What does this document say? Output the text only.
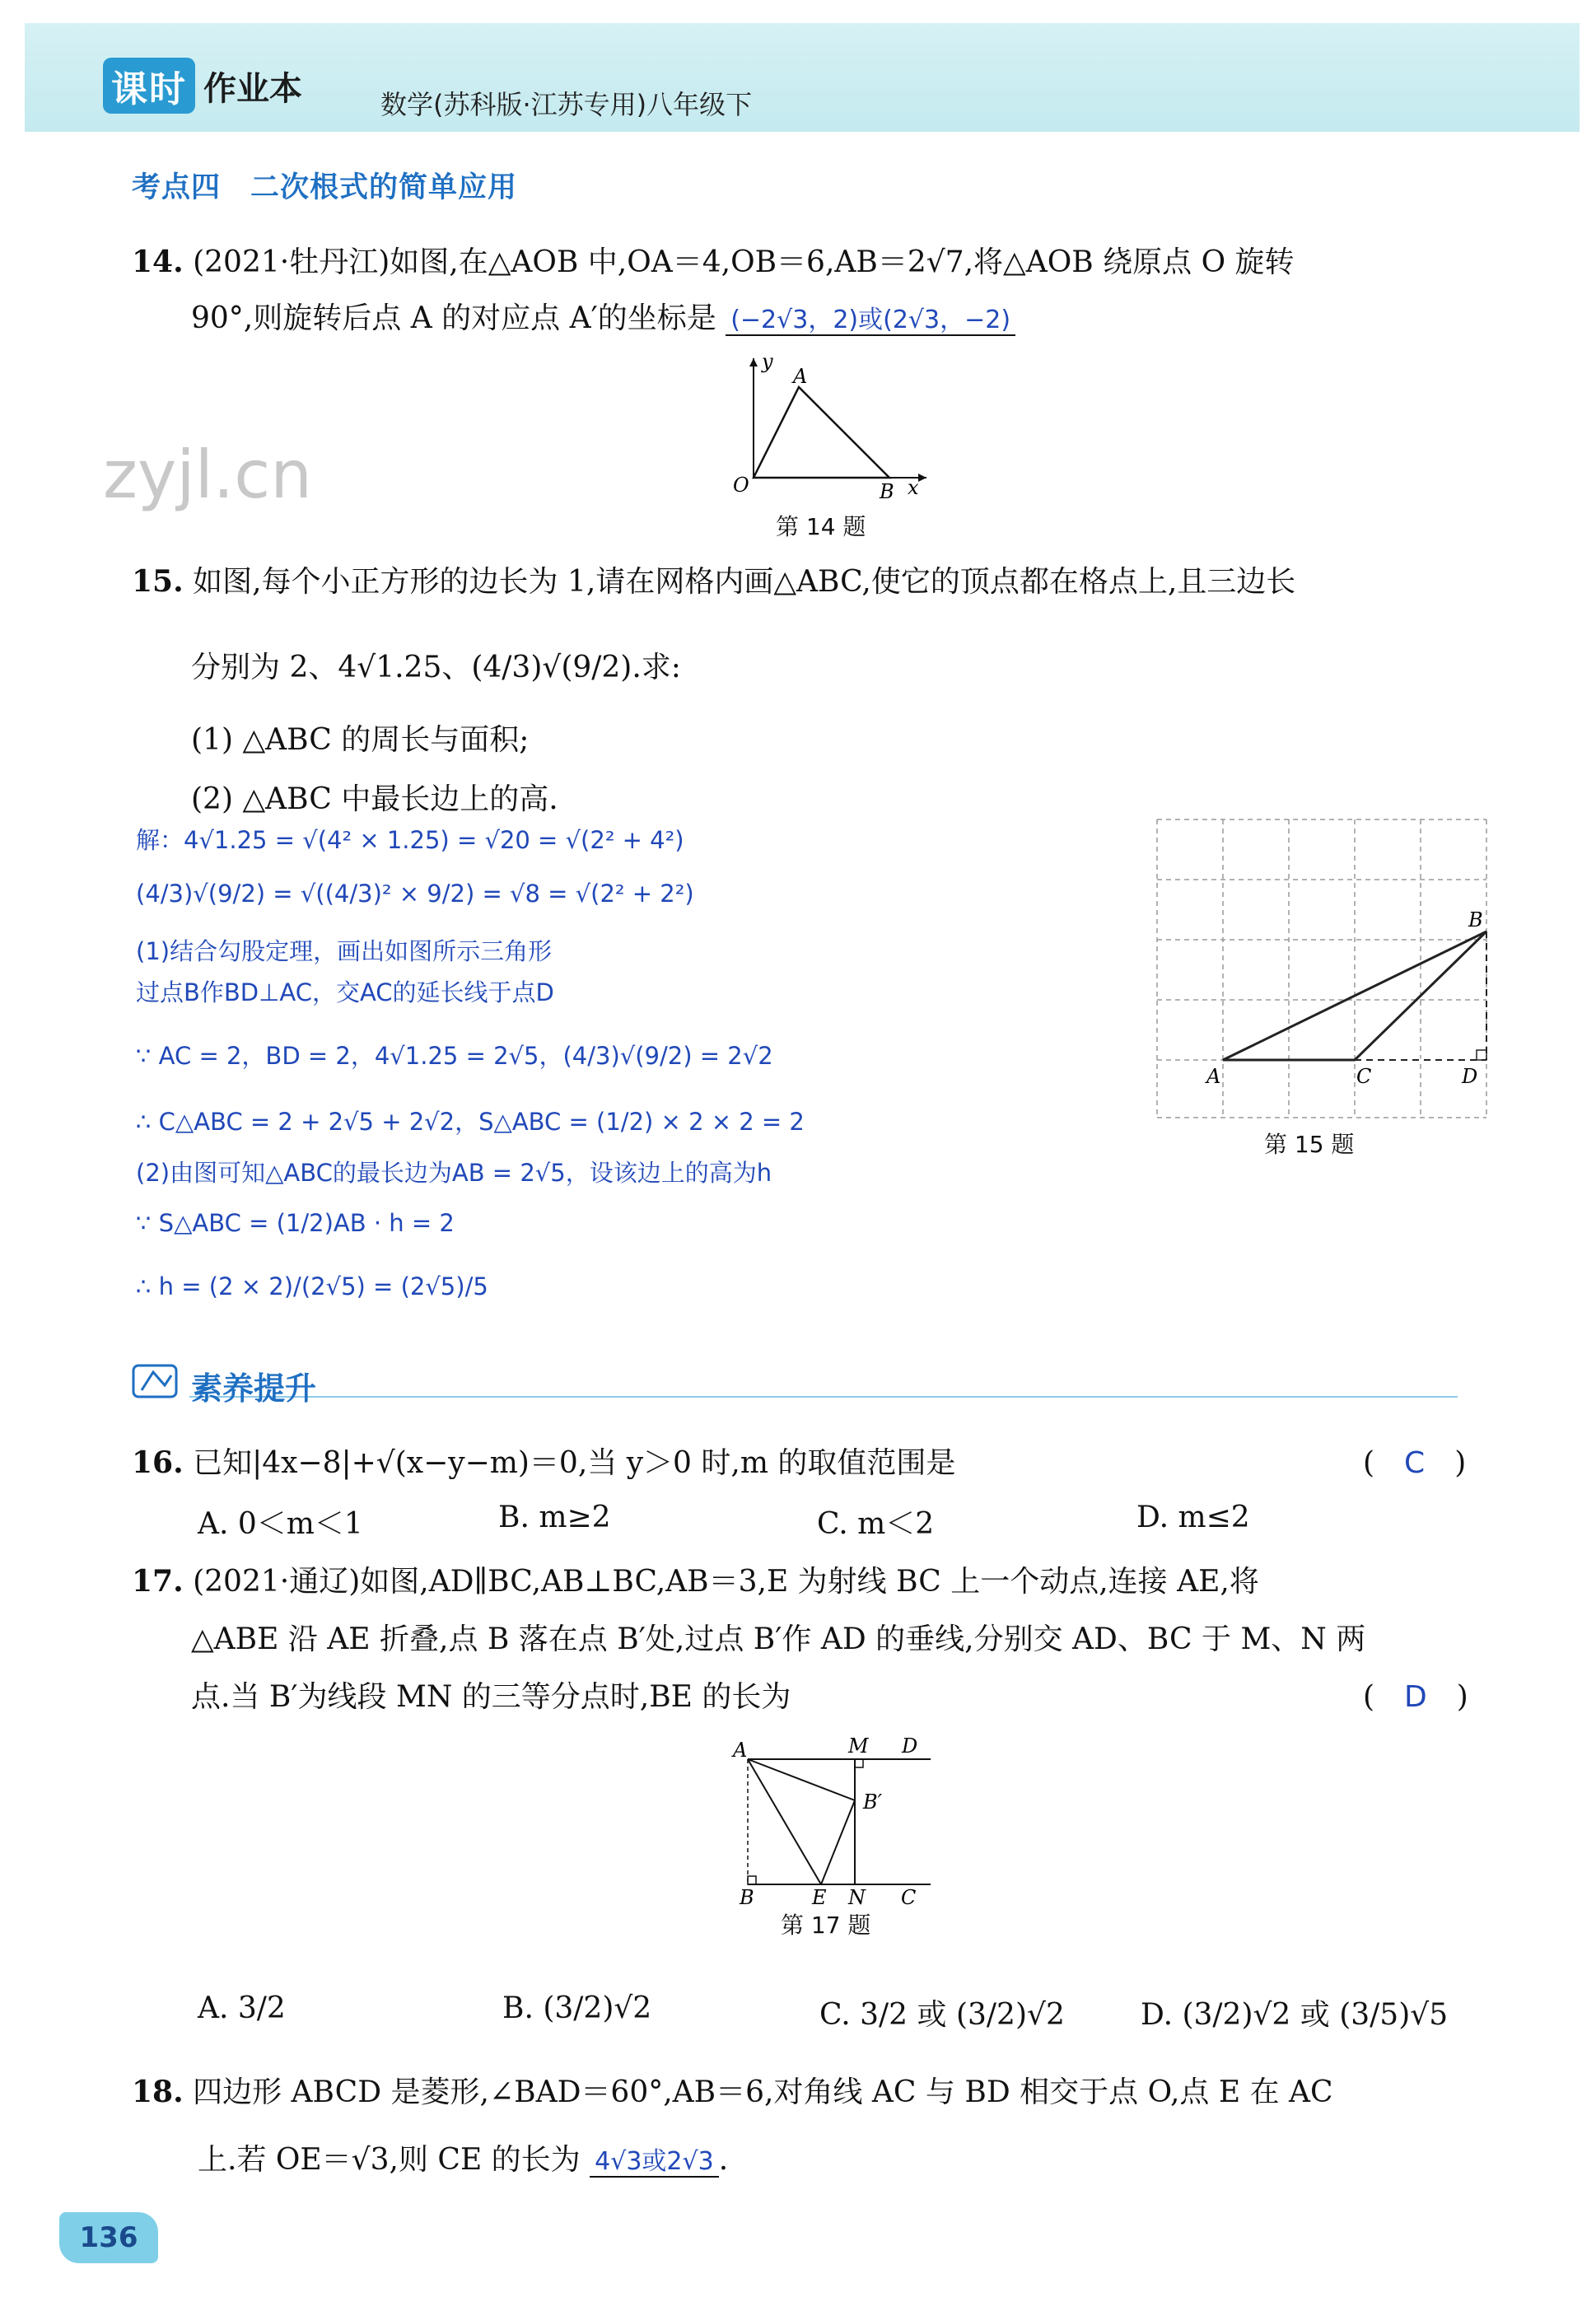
课时 作业本	数学(苏科版·江苏专用)八年级下
考点四　二次根式的简单应用
zyjl.cn
14. (2021·牡丹江)如图,在△AOB 中,OA＝4,OB＝6,AB＝2√7,将△AOB 绕原点 O 旋转
90°,则旋转后点 A 的对应点 A′的坐标是 (−2√3，2)或(2√3，−2)
y
A
O	B x
第 14 题
15. 如图,每个小正方形的边长为 1,请在网格内画△ABC,使它的顶点都在格点上,且三边长
分别为 2、4√1.25、(4/3)√(9/2).求:
(1) △ABC 的周长与面积;
(2) △ABC 中最长边上的高.
解：4√1.25 = √(4² × 1.25) = √20 = √(2² + 4²)
(4/3)√(9/2) = √((4/3)² × 9/2) = √8 = √(2² + 2²)
(1)结合勾股定理，画出如图所示三角形
过点B作BD⊥AC，交AC的延长线于点D
∵ AC = 2，BD = 2，4√1.25 = 2√5，(4/3)√(9/2) = 2√2
∴ C△ABC = 2 + 2√5 + 2√2，S△ABC = (1/2) × 2 × 2 = 2
(2)由图可知△ABC的最长边为AB = 2√5，设该边上的高为h
∵ S△ABC = (1/2)AB · h = 2
∴ h = (2 × 2)/(2√5) = (2√5)/5
A	C	D
B
第 15 题
素养提升
16. 已知|4x−8|+√(x−y−m)＝0,当 y＞0 时,m 的取值范围是	(　C　)
A. 0＜m＜1	B. m≥2	C. m＜2	D. m≤2
17. (2021·通辽)如图,AD∥BC,AB⊥BC,AB＝3,E 为射线 BC 上一个动点,连接 AE,将
△ABE 沿 AE 折叠,点 B 落在点 B′处,过点 B′作 AD 的垂线,分别交 AD、BC 于 M、N 两
点.当 B′为线段 MN 的三等分点时,BE 的长为	(　D　)
A	M D
B′
B	E N C
第 17 题
A. 3/2	B. (3/2)√2	C. 3/2 或 (3/2)√2	D. (3/2)√2 或 (3/5)√5
18. 四边形 ABCD 是菱形,∠BAD＝60°,AB＝6,对角线 AC 与 BD 相交于点 O,点 E 在 AC
上.若 OE＝√3,则 CE 的长为 4√3或2√3 .
136
